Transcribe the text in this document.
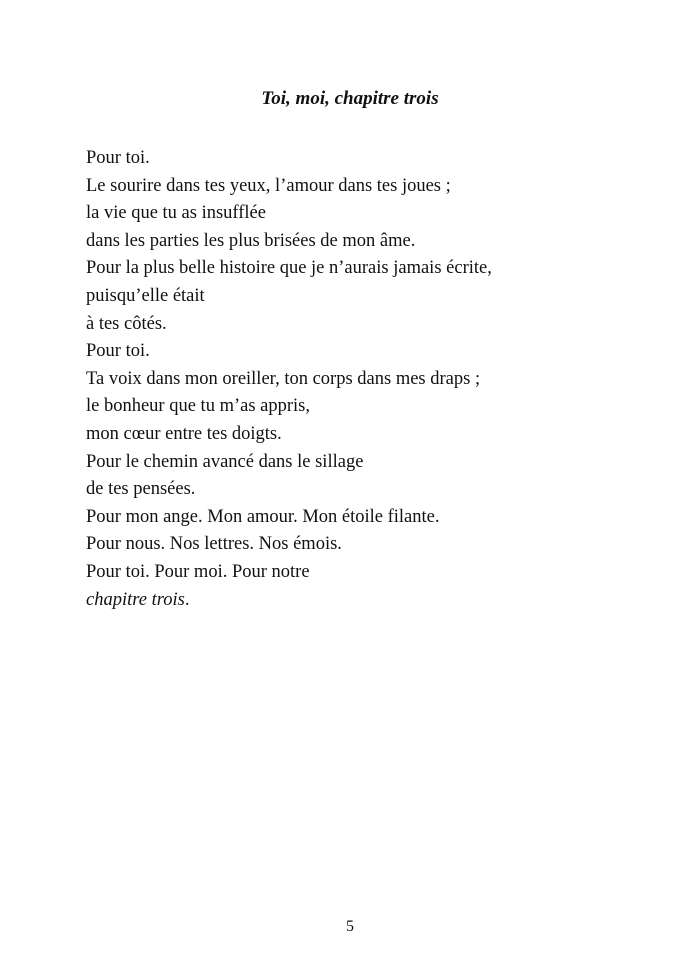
Toi, moi, chapitre trois
Pour toi.
Le sourire dans tes yeux, l’amour dans tes joues ;
la vie que tu as insufflée
dans les parties les plus brisées de mon âme.
Pour la plus belle histoire que je n’aurais jamais écrite,
puisqu’elle était
à tes côtés.
Pour toi.
Ta voix dans mon oreiller, ton corps dans mes draps ;
le bonheur que tu m’as appris,
mon cœur entre tes doigts.
Pour le chemin avancé dans le sillage
de tes pensées.
Pour mon ange. Mon amour. Mon étoile filante.
Pour nous. Nos lettres. Nos émois.
Pour toi. Pour moi. Pour notre
chapitre trois.
5
